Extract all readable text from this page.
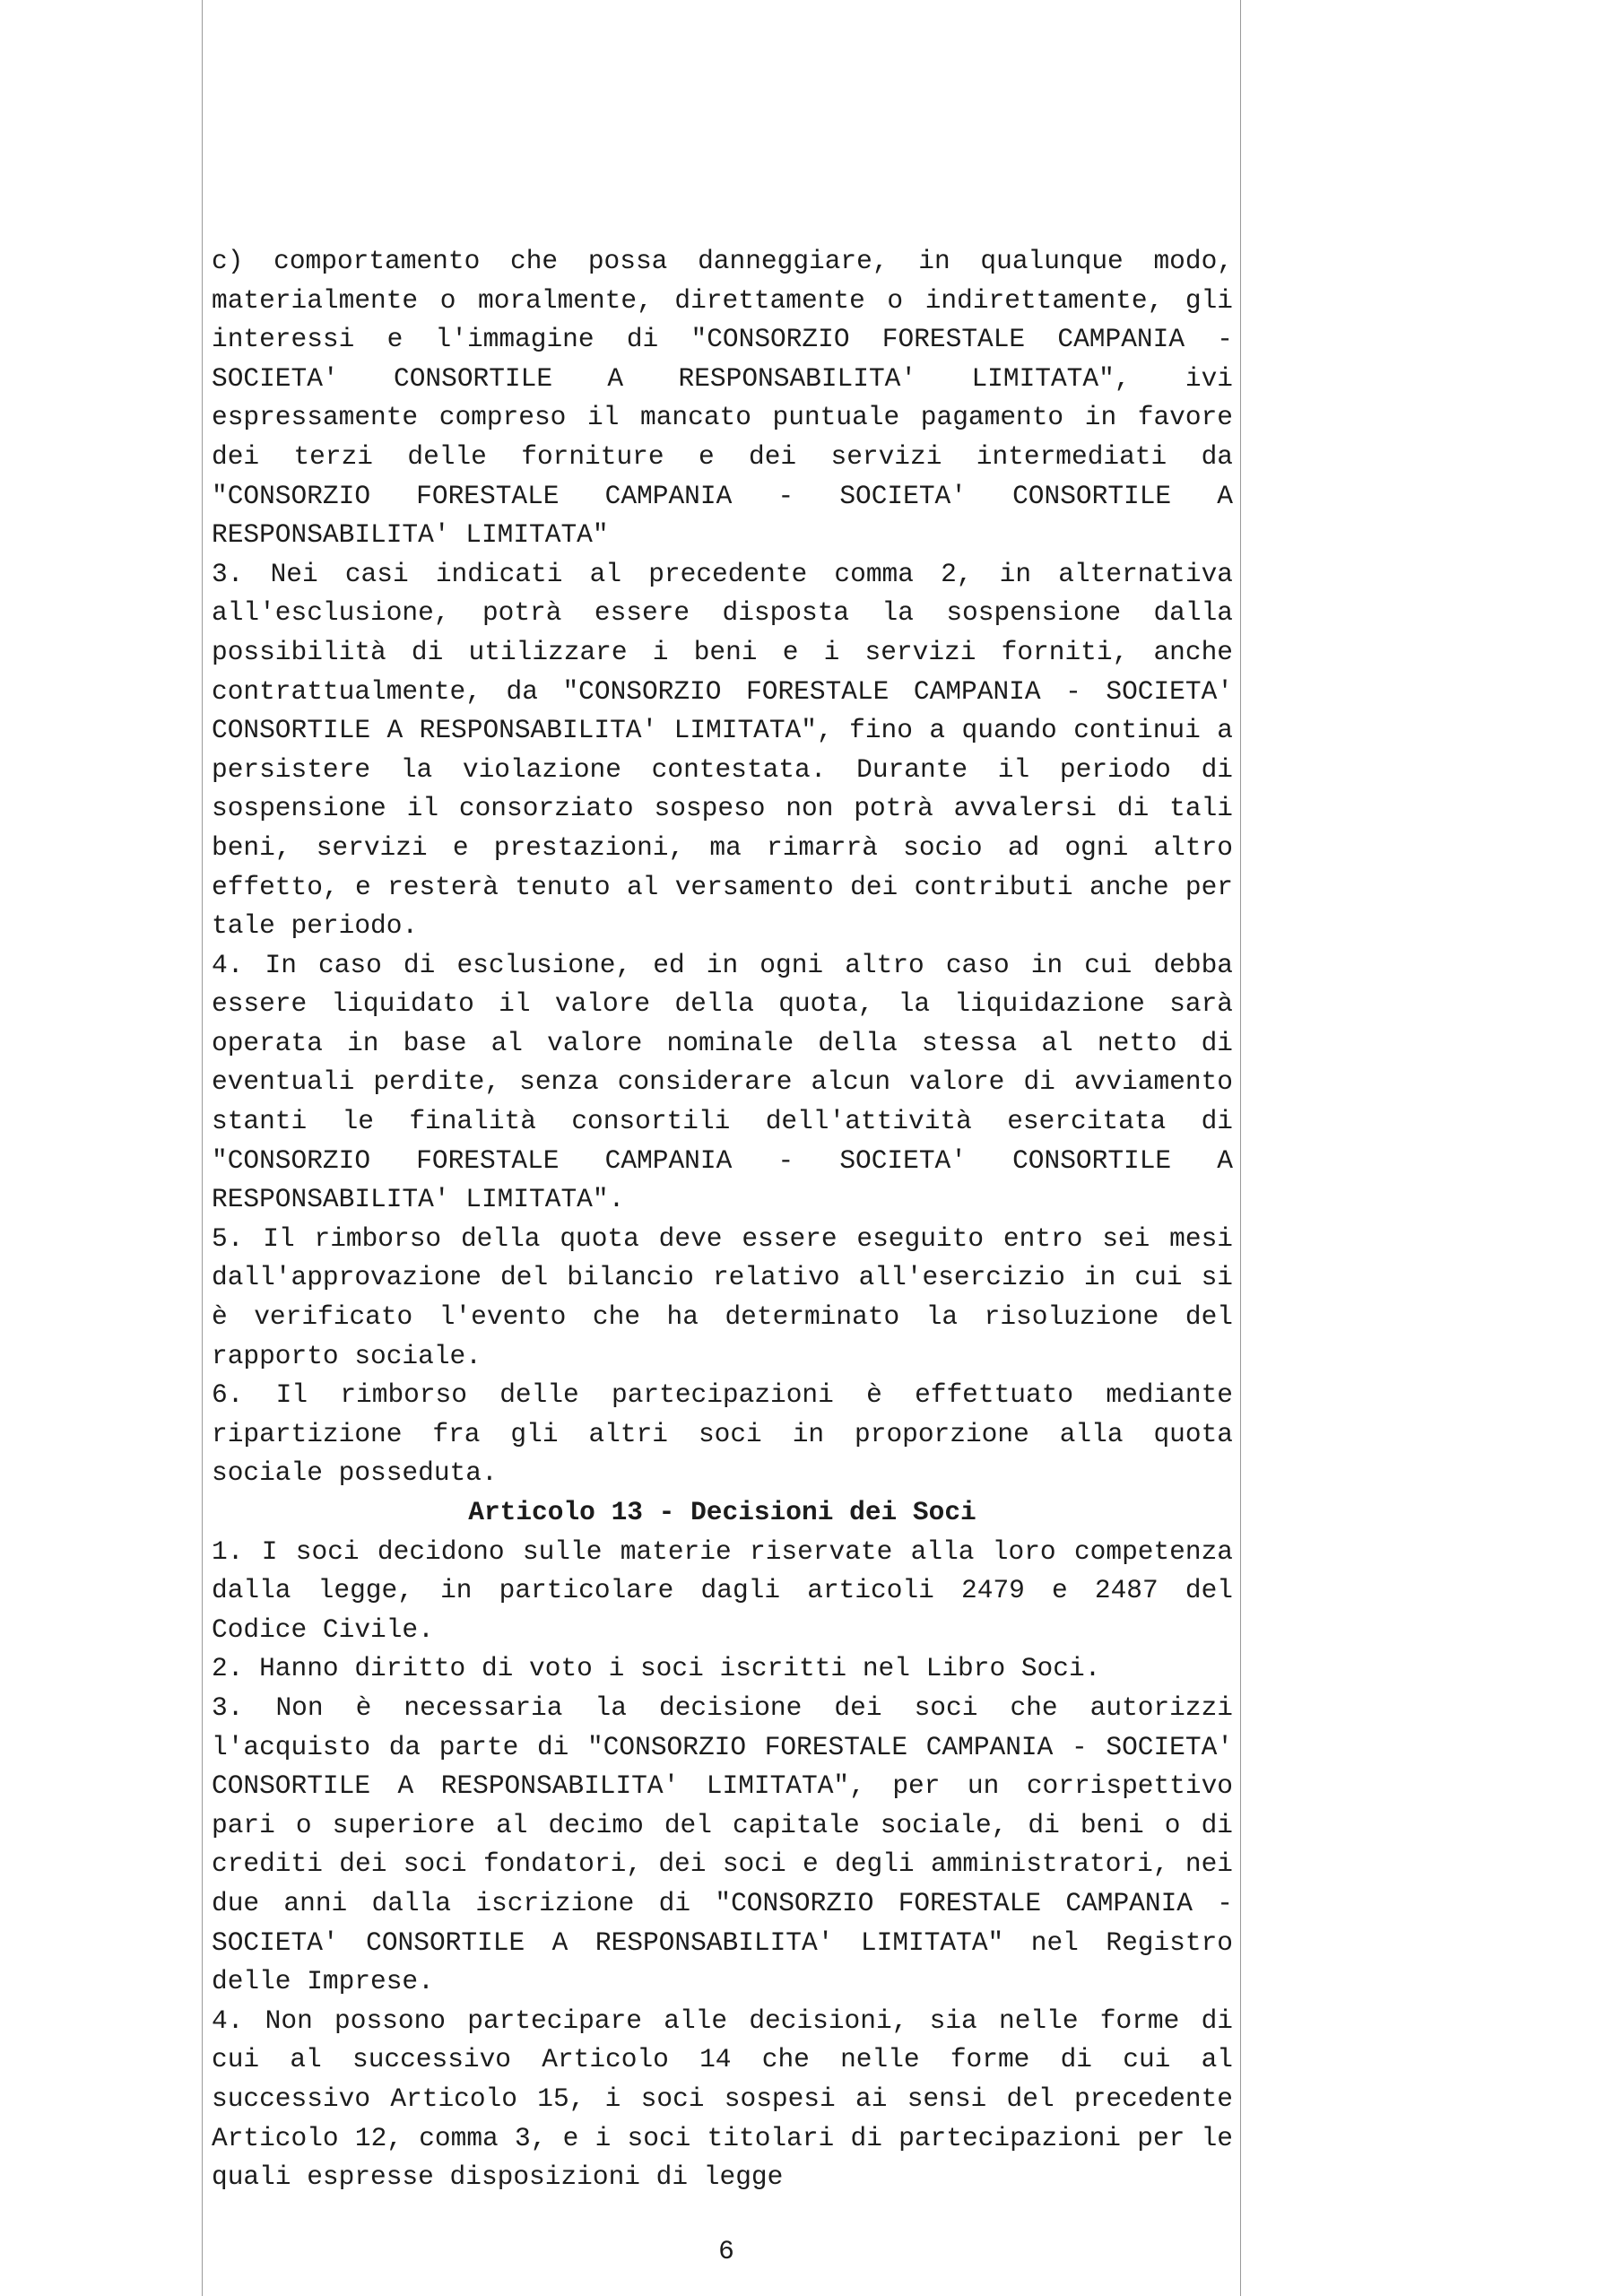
c) comportamento che possa danneggiare, in qualunque modo, materialmente o moralmente, direttamente o indirettamente, gli interessi e l'immagine di "CONSORZIO FORESTALE CAMPANIA - SOCIETA' CONSORTILE A RESPONSABILITA' LIMITATA", ivi espressamente compreso il mancato puntuale pagamento in favore dei terzi delle forniture e dei servizi intermediati da "CONSORZIO FORESTALE CAMPANIA - SOCIETA' CONSORTILE A RESPONSABILITA' LIMITATA"

3. Nei casi indicati al precedente comma 2, in alternativa all'esclusione, potrà essere disposta la sospensione dalla possibilità di utilizzare i beni e i servizi forniti, anche contrattualmente, da "CONSORZIO FORESTALE CAMPANIA - SOCIETA' CONSORTILE A RESPONSABILITA' LIMITATA", fino a quando continui a persistere la violazione contestata. Durante il periodo di sospensione il consorziato sospeso non potrà avvalersi di tali beni, servizi e prestazioni, ma rimarrà socio ad ogni altro effetto, e resterà tenuto al versamento dei contributi anche per tale periodo.

4. In caso di esclusione, ed in ogni altro caso in cui debba essere liquidato il valore della quota, la liquidazione sarà operata in base al valore nominale della stessa al netto di eventuali perdite, senza considerare alcun valore di avviamento stanti le finalità consortili dell'attività esercitata di "CONSORZIO FORESTALE CAMPANIA - SOCIETA' CONSORTILE A RESPONSABILITA' LIMITATA".

5. Il rimborso della quota deve essere eseguito entro sei mesi dall'approvazione del bilancio relativo all'esercizio in cui si è verificato l'evento che ha determinato la risoluzione del rapporto sociale.

6. Il rimborso delle partecipazioni è effettuato mediante ripartizione fra gli altri soci in proporzione alla quota sociale posseduta.

Articolo 13 - Decisioni dei Soci

1. I soci decidono sulle materie riservate alla loro competenza dalla legge, in particolare dagli articoli 2479 e 2487 del Codice Civile.

2. Hanno diritto di voto i soci iscritti nel Libro Soci.

3. Non è necessaria la decisione dei soci che autorizzi l'acquisto da parte di "CONSORZIO FORESTALE CAMPANIA - SOCIETA' CONSORTILE A RESPONSABILITA' LIMITATA", per un corrispettivo pari o superiore al decimo del capitale sociale, di beni o di crediti dei soci fondatori, dei soci e degli amministratori, nei due anni dalla iscrizione di "CONSORZIO FORESTALE CAMPANIA - SOCIETA' CONSORTILE A RESPONSABILITA' LIMITATA" nel Registro delle Imprese.

4. Non possono partecipare alle decisioni, sia nelle forme di cui al successivo Articolo 14 che nelle forme di cui al successivo Articolo 15, i soci sospesi ai sensi del precedente Articolo 12, comma 3, e i soci titolari di partecipazioni per le quali espresse disposizioni di legge

6
